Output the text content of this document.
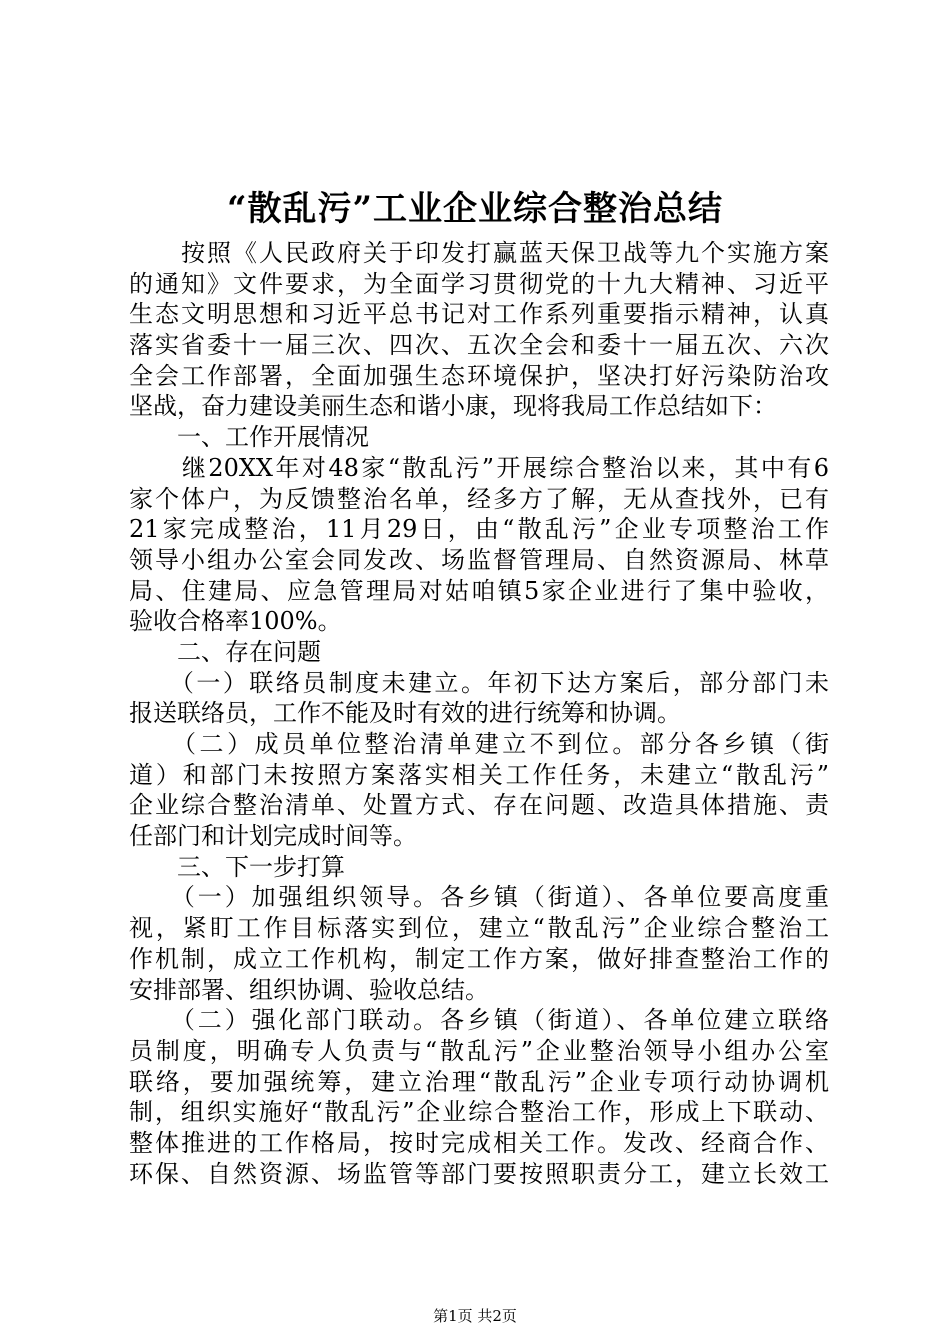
“散乱污”工业企业综合整治总结
　　按照《人民政府关于印发打赢蓝天保卫战等九个实施方案
的通知》文件要求，为全面学习贯彻党的十九大精神、习近平
生态文明思想和习近平总书记对工作系列重要指示精神，认真
落实省委十一届三次、四次、五次全会和委十一届五次、六次
全会工作部署，全面加强生态环境保护，坚决打好污染防治攻
坚战，奋力建设美丽生态和谐小康，现将我局工作总结如下：
　　一、工作开展情况
　　继20XX年对48家“散乱污”开展综合整治以来，其中有6
家个体户，为反馈整治名单，经多方了解，无从查找外，已有
21家完成整治，11月29日，由“散乱污”企业专项整治工作
领导小组办公室会同发改、场监督管理局、自然资源局、林草
局、住建局、应急管理局对姑咱镇5家企业进行了集中验收，
验收合格率100%。
　　二、存在问题
　　（一）联络员制度未建立。年初下达方案后，部分部门未
报送联络员，工作不能及时有效的进行统筹和协调。
　　（二）成员单位整治清单建立不到位。部分各乡镇（街
道）和部门未按照方案落实相关工作任务，未建立“散乱污”
企业综合整治清单、处置方式、存在问题、改造具体措施、责
任部门和计划完成时间等。
　　三、下一步打算
　　（一）加强组织领导。各乡镇（街道）、各单位要高度重
视，紧盯工作目标落实到位，建立“散乱污”企业综合整治工
作机制，成立工作机构，制定工作方案，做好排查整治工作的
安排部署、组织协调、验收总结。
　　（二）强化部门联动。各乡镇（街道）、各单位建立联络
员制度，明确专人负责与“散乱污”企业整治领导小组办公室
联络，要加强统筹，建立治理“散乱污”企业专项行动协调机
制，组织实施好“散乱污”企业综合整治工作，形成上下联动、
整体推进的工作格局，按时完成相关工作。发改、经商合作、
环保、自然资源、场监管等部门要按照职责分工，建立长效工
第1页 共2页
